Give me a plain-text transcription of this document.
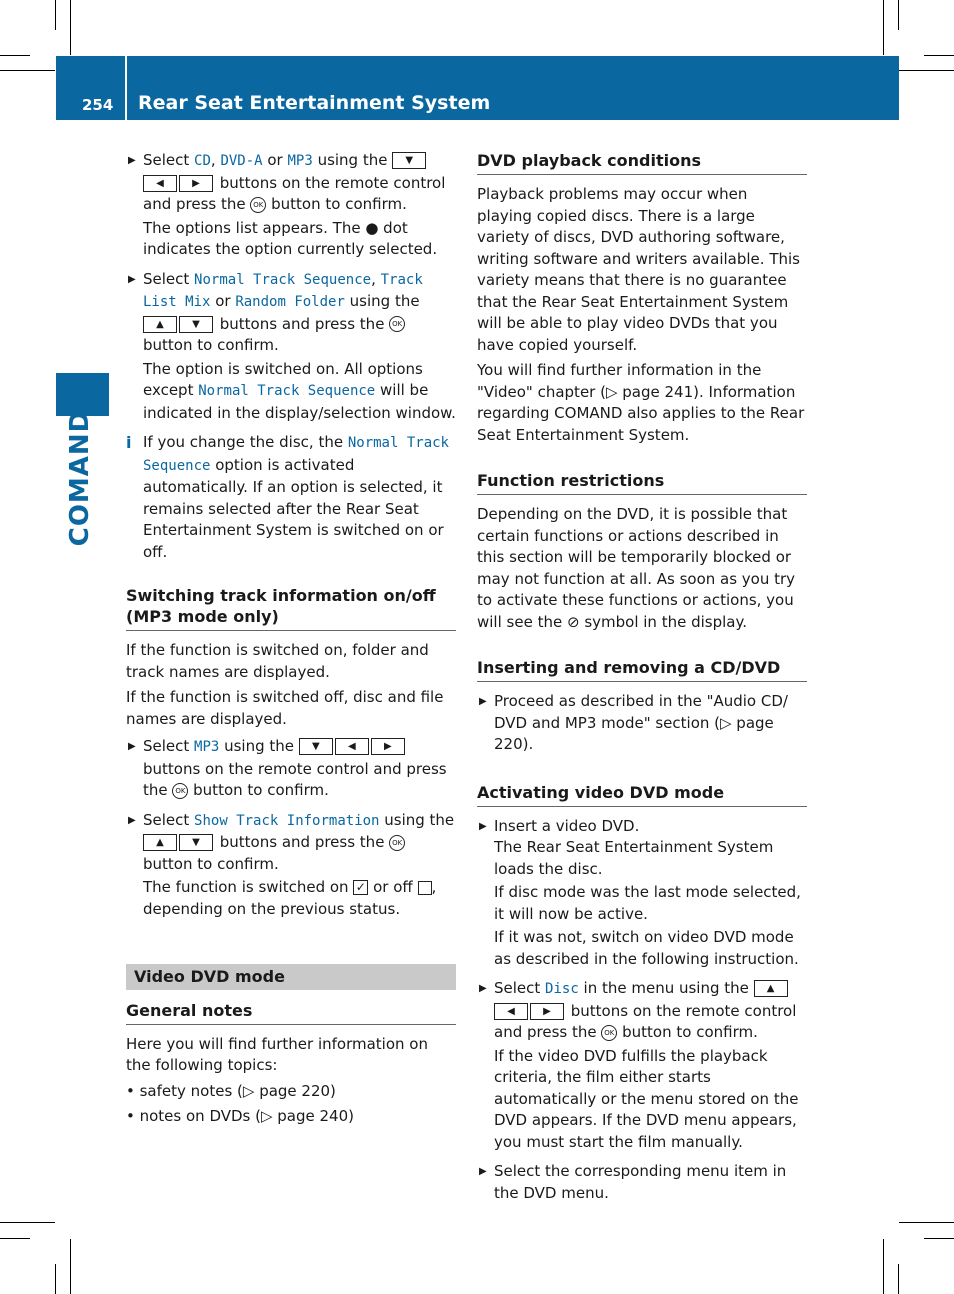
254 Rear Seat Entertainment System
COMAND
▶ Select CD, DVD-A or MP3 using the ▼◀	▶ buttons on the remote control and press the OK button to confirm.

The options list appears. The ● dot indicates the option currently selected.

▶ Select Normal Track Sequence, Track List Mix or Random Folder using the ▲	▼ buttons and press the OK button to confirm.

The option is switched on. All options except Normal Track Sequence will be indicated in the display/selection window.

i If you change the disc, the Normal Track Sequence option is activated automatically. If an option is selected, it remains selected after the Rear Seat Entertainment System is switched on or off.

Switching track information on/off (MP3 mode only)

If the function is switched on, folder and track names are displayed.

If the function is switched off, disc and file names are displayed.

▶ Select MP3 using the ▼	◀	▶ buttons on the remote control and press the OK button to confirm.

▶ Select Show Track Information using the ▲	▼ buttons and press the OK button to confirm.

The function is switched on ✓ or off , depending on the previous status.

Video DVD mode
General notes

Here you will find further information on the following topics:

• safety notes (▷ page 220)

• notes on DVDs (▷ page 240)

DVD playback conditions

Playback problems may occur when playing copied discs. There is a large variety of discs, DVD authoring software, writing software and writers available. This variety means that there is no guarantee that the Rear Seat Entertainment System will be able to play video DVDs that you have copied yourself.

You will find further information in the "Video" chapter (▷ page 241). Information regarding COMAND also applies to the Rear Seat Entertainment System.

Function restrictions

Depending on the DVD, it is possible that certain functions or actions described in this section will be temporarily blocked or may not function at all. As soon as you try to activate these functions or actions, you will see the ⊘ symbol in the display.

Inserting and removing a CD/DVD
▶ Proceed as described in the "Audio CD/ DVD and MP3 mode" section (▷ page 220).

Activating video DVD mode
▶ Insert a video DVD.

The Rear Seat Entertainment System loads the disc.

If disc mode was the last mode selected, it will now be active.

If it was not, switch on video DVD mode as described in the following instruction.

▶ Select Disc in the menu using the ▲◀	▶ buttons on the remote control and press the OK button to confirm.

If the video DVD fulfills the playback criteria, the film either starts automatically or the menu stored on the DVD appears. If the DVD menu appears, you must start the film manually.

▶ Select the corresponding menu item in the DVD menu.
